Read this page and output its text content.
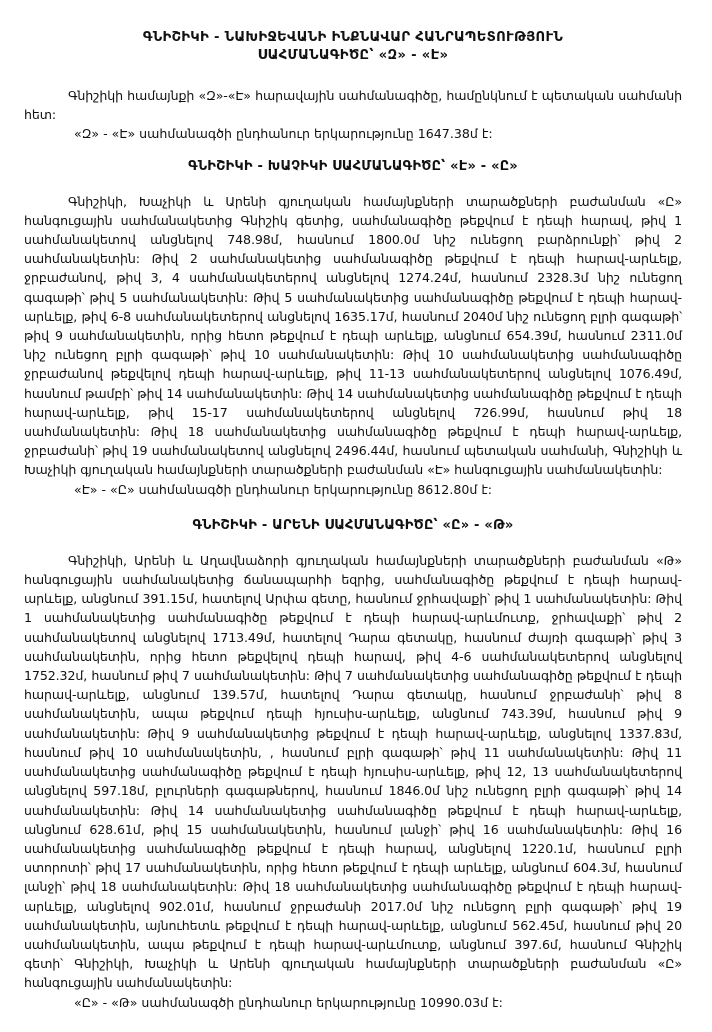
ԳՆԻՇԻԿԻ - ՆԱԽԻՋԵՎԱՆԻ ԻՆՔՆԱՎԱՐ ՀԱՆՐԱՊԵՏՈՒԹՅՈՒՆ

ՍԱՀՄԱՆԱԳԻԾԸ՝ «Զ» - «Է»

Գնիշիկի համայնքի «Զ»-«Է» հարավային սահմանագիծը, համընկնում է պետական սահմանի հետ:

«Զ» - «Է» սահմանագծի ընդհանուր երկարությունը 1647.38մ է:

ԳՆԻՇԻԿԻ - ԽԱՉԻԿԻ ՍԱՀՄԱՆԱԳԻԾԸ՝ «Է» - «Ը»

Գնիշիկի, Խաչիկի և Արենի գյուղական համայնքների տարածքների բաժանման «Ը» հանգուցային սահմանակետից Գնիշիկ գետից, սահմանագիծը թեքվում է դեպի հարավ, թիվ 1 սահմանակետով անցնելով 748.98մ, հասնում 1800.0մ նիշ ունեցող բարձրունքի՝ թիվ 2 սահմանակետին: Թիվ 2 սահմանակետից սահմանագիծը թեքվում է դեպի հարավ-արևելք, ջրբաժանով, թիվ 3, 4 սահմանակետերով անցնելով 1274.24մ, հասնում 2328.3մ նիշ ունեցող գագաթի՝ թիվ 5 սահմանակետին: Թիվ 5 սահմանակետից սահմանագիծը թեքվում է դեպի հարավ-արևելք, թիվ 6-8 սահմանակետերով անցնելով 1635.17մ, հասնում 2040մ նիշ ունեցող բլրի գագաթի՝ թիվ 9 սահմանակետին, որից հետո թեքվում է դեպի արևելք, անցնում 654.39մ, հասնում 2311.0մ նիշ ունեցող բլրի գագաթի՝ թիվ 10 սահմանակետին: Թիվ 10 սահմանակետից սահմանագիծը ջրբաժանով թեքվելով դեպի հարավ-արևելք, թիվ 11-13 սահմանակետերով անցնելով 1076.49մ, հասնում թամբի՝ թիվ 14 սահմանակետին: Թիվ 14 սահմանակետից սահմանագիծը թեքվում է դեպի հարավ-արևելք, թիվ 15-17 սահմանակետերով անցնելով 726.99մ, հասնում թիվ 18 սահմանակետին: Թիվ 18 սահմանակետից սահմանագիծը թեքվում է դեպի հարավ-արևելք, ջրբաժանի՝ թիվ 19 սահմանակետով անցնելով 2496.44մ, հասնում պետական սահմանի, Գնիշիկի և Խաչիկի գյուղական համայնքների տարածքների բաժանման «Է» հանգուցային սահմանակետին:

«Է» - «Ը» սահմանագծի ընդհանուր երկարությունը 8612.80մ է:

ԳՆԻՇԻԿԻ - ԱՐԵՆԻ ՍԱՀՄԱՆԱԳԻԾԸ՝ «Ը» - «Թ»

Գնիշիկի, Արենի և Աղավնաձորի գյուղական համայնքների տարածքների բաժանման «Թ» հանգուցային սահմանակետից ճանապարհի եզրից, սահմանագիծը թեքվում է դեպի հարավ-արևելք, անցնում 391.15մ, հատելով Արփա գետը, հասնում ջրհավաքի՝ թիվ 1 սահմանակետին: Թիվ 1 սահմանակետից սահմանագիծը թեքվում է դեպի հարավ-արևմուտք, ջրհավաքի՝ թիվ 2 սահմանակետով անցնելով 1713.49մ, հատելով Դարա գետակը, հասնում ժայռի գագաթի՝ թիվ 3 սահմանակետին, որից հետո թեքվելով դեպի հարավ, թիվ 4-6 սահմանակետերով անցնելով 1752.32մ, հասնում թիվ 7 սահմանակետին: Թիվ 7 սահմանակետից սահմանագիծը թեքվում է դեպի հարավ-արևելք, անցնում 139.57մ, հատելով Դարա գետակը, հասնում ջրբաժանի՝ թիվ 8 սահմանակետին, ապա թեքվում դեպի հյուսիս-արևելք, անցնում 743.39մ, հասնում թիվ 9 սահմանակետին: Թիվ 9 սահմանակետից թեքվում է դեպի հարավ-արևելք, անցնելով 1337.83մ, հասնում թիվ 10 սահմանակետին, , հասնում բլրի գագաթի՝ թիվ 11 սահմանակետին: Թիվ 11 սահմանակետից սահմանագիծը թեքվում է դեպի հյուսիս-արևելք, թիվ 12, 13 սահմանակետերով անցնելով 597.18մ, բլուրների գագաթներով, հասնում 1846.0մ նիշ ունեցող բլրի գագաթի՝ թիվ 14 սահմանակետին: Թիվ 14 սահմանակետից սահմանագիծը թեքվում է դեպի հարավ-արևելք, անցնում 628.61մ, թիվ 15 սահմանակետին, հասնում լանջի՝ թիվ 16 սահմանակետին: Թիվ 16 սահմանակետից սահմանագիծը թեքվում է դեպի հարավ, անցնելով 1220.1մ, հասնում բլրի ստորոտի՝ թիվ 17 սահմանակետին, որից հետո թեքվում է դեպի արևելք, անցնում 604.3մ, հասնում լանջի՝ թիվ 18 սահմանակետին: Թիվ 18 սահմանակետից սահմանագիծը թեքվում է դեպի հարավ-արևելք, անցնելով 902.01մ, հասնում ջրբաժանի 2017.0մ նիշ ունեցող բլրի գագաթի՝ թիվ 19 սահմանակետին, այնուհետև թեքվում է դեպի հարավ-արևելք, անցնում 562.45մ, հասնում թիվ 20 սահմանակետին, ապա թեքվում է դեպի հարավ-արևմուտք, անցնում 397.6մ, հասնում Գնիշիկ գետի՝ Գնիշիկի, Խաչիկի և Արենի գյուղական համայնքների տարածքների բաժանման «Ը» հանգուցային սահմանակետին:

«Ը» - «Թ» սահմանագծի ընդհանուր երկարությունը 10990.03մ է:
